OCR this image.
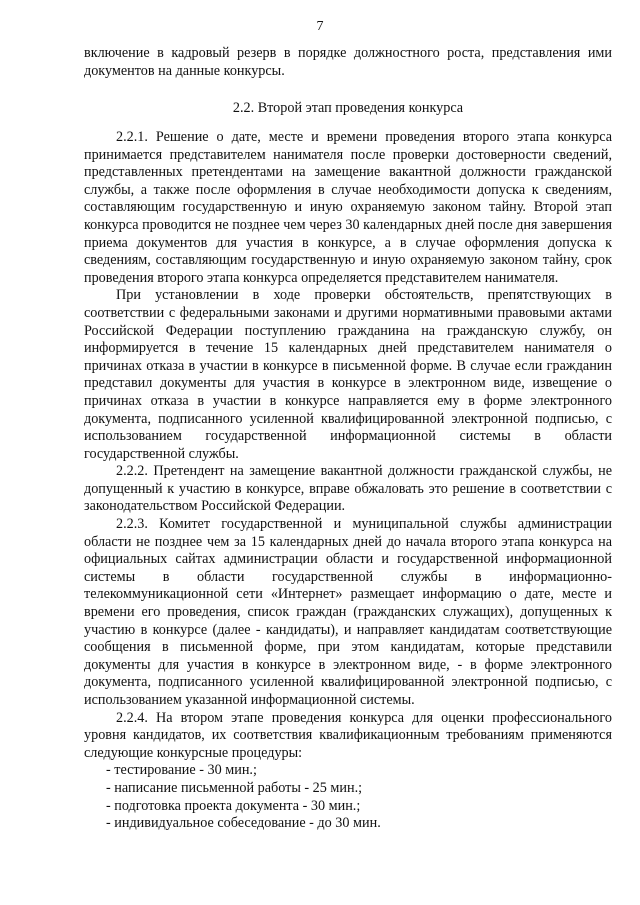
7
включение в кадровый резерв в порядке должностного роста, представления ими документов на данные конкурсы.
2.2. Второй этап проведения конкурса

2.2.1. Решение о дате, месте и времени проведения второго этапа конкурса принимается представителем нанимателя после проверки достоверности сведений, представленных претендентами на замещение вакантной должности гражданской службы, а также после оформления в случае необходимости допуска к сведениям, составляющим государственную и иную охраняемую законом тайну. Второй этап конкурса проводится не позднее чем через 30 календарных дней после дня завершения приема документов для участия в конкурсе, а в случае оформления допуска к сведениям, составляющим государственную и иную охраняемую законом тайну, срок проведения второго этапа конкурса определяется представителем нанимателя.

При установлении в ходе проверки обстоятельств, препятствующих в соответствии с федеральными законами и другими нормативными правовыми актами Российской Федерации поступлению гражданина на гражданскую службу, он информируется в течение 15 календарных дней представителем нанимателя о причинах отказа в участии в конкурсе в письменной форме. В случае если гражданин представил документы для участия в конкурсе в электронном виде, извещение о причинах отказа в участии в конкурсе направляется ему в форме электронного документа, подписанного усиленной квалифицированной электронной подписью, с использованием государственной информационной системы в области государственной службы.

2.2.2. Претендент на замещение вакантной должности гражданской службы, не допущенный к участию в конкурсе, вправе обжаловать это решение в соответствии с законодательством Российской Федерации.

2.2.3. Комитет государственной и муниципальной службы администрации области не позднее чем за 15 календарных дней до начала второго этапа конкурса на официальных сайтах администрации области и государственной информационной системы в области государственной службы в информационно-телекоммуникационной сети «Интернет» размещает информацию о дате, месте и времени его проведения, список граждан (гражданских служащих), допущенных к участию в конкурсе (далее - кандидаты), и направляет кандидатам соответствующие сообщения в письменной форме, при этом кандидатам, которые представили документы для участия в конкурсе в электронном виде, - в форме электронного документа, подписанного усиленной квалифицированной электронной подписью, с использованием указанной информационной системы.

2.2.4. На втором этапе проведения конкурса для оценки профессионального уровня кандидатов, их соответствия квалификационным требованиям применяются следующие конкурсные процедуры:

- тестирование - 30 мин.;
- написание письменной работы - 25 мин.;
- подготовка проекта документа - 30 мин.;
- индивидуальное собеседование - до 30 мин.
